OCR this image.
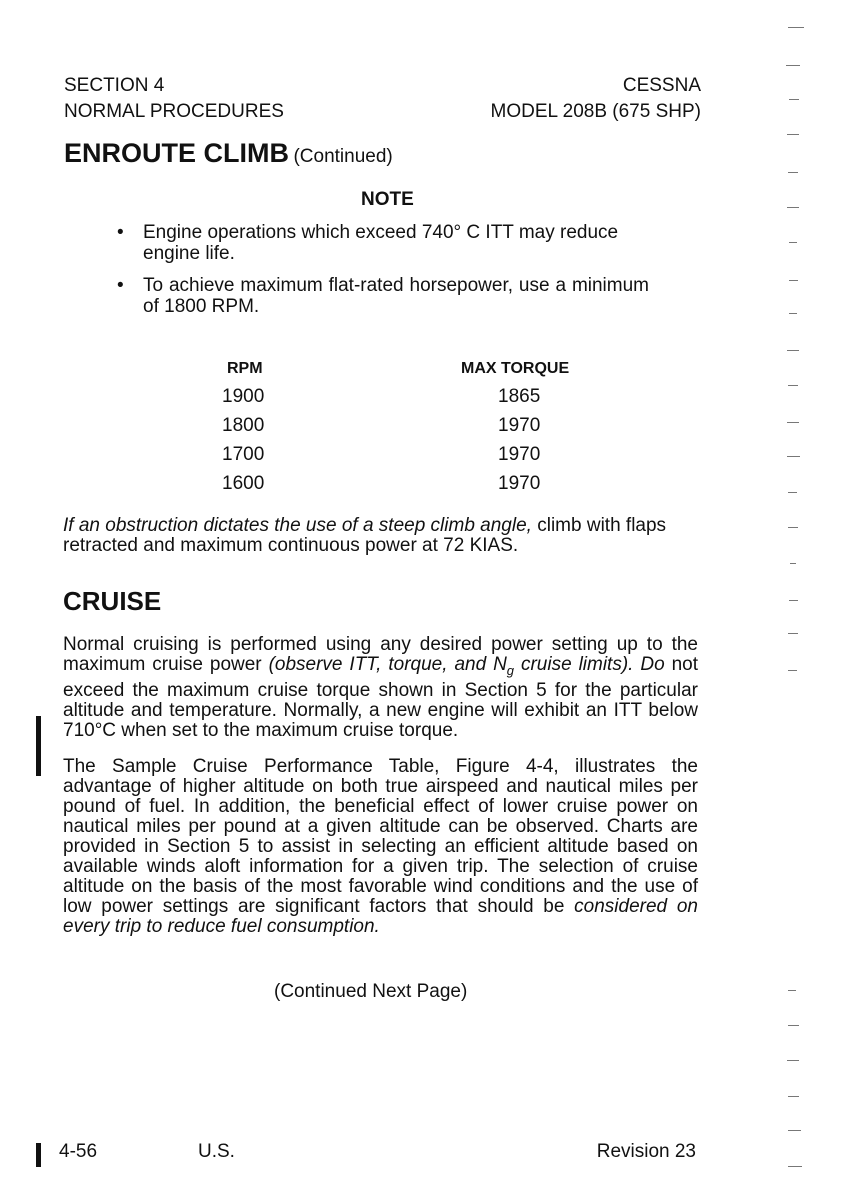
SECTION 4
NORMAL PROCEDURES
CESSNA
MODEL 208B (675 SHP)
ENROUTE CLIMB (Continued)
NOTE
• Engine operations which exceed 740° C ITT may reduce engine life.
• To achieve maximum flat-rated horsepower, use a minimum of 1800 RPM.
RPM	MAX TORQUE
1900	1865
1800	1970
1700	1970
1600	1970
If an obstruction dictates the use of a steep climb angle, climb with flaps retracted and maximum continuous power at 72 KIAS.
CRUISE
Normal cruising is performed using any desired power setting up to the maximum cruise power (observe ITT, torque, and $N_g$ cruise limits). Do not exceed the maximum cruise torque shown in Section 5 for the particular altitude and temperature. Normally, a new engine will exhibit an ITT below 710°C when set to the maximum cruise torque.
The Sample Cruise Performance Table, Figure 4-4, illustrates the advantage of higher altitude on both true airspeed and nautical miles per pound of fuel. In addition, the beneficial effect of lower cruise power on nautical miles per pound at a given altitude can be observed. Charts are provided in Section 5 to assist in selecting an efficient altitude based on available winds aloft information for a given trip. The selection of cruise altitude on the basis of the most favorable wind conditions and the use of low power settings are significant factors that should be considered on every trip to reduce fuel consumption.
(Continued Next Page)
4-56	U.S.	Revision 23
